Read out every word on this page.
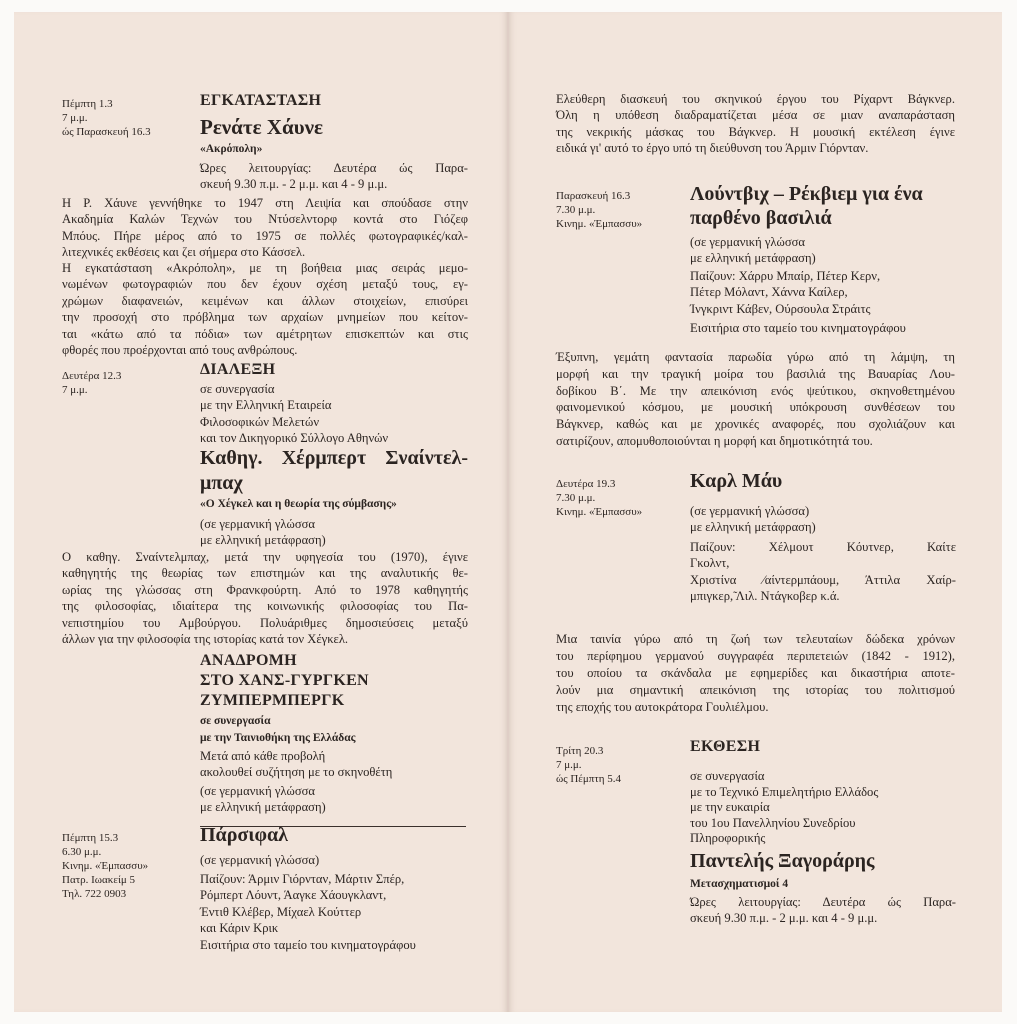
Πέμπτη 1.3
7 μ.μ.
ώς Παρασκευή 16.3
ΕΓΚΑΤΑΣΤΑΣΗ
Ρενάτε Χάυνε
«Ακρόπολη»
Ώρες λειτουργίας: Δευτέρα ώς Παρα-
σκευή 9.30 π.μ. - 2 μ.μ. και 4 - 9 μ.μ.
Η Ρ. Χάυνε γεννήθηκε το 1947 στη Λειψία και σπούδασε στην
Ακαδημία Καλών Τεχνών του Ντύσελντορφ κοντά στο Γιόζεφ
Μπόυς. Πήρε μέρος από το 1975 σε πολλές φωτογραφικές/καλ-
λιτεχνικές εκθέσεις και ζει σήμερα στο Κάσσελ.
Η εγκατάσταση «Ακρόπολη», με τη βοήθεια μιας σειράς μεμο-
νωμένων φωτογραφιών που δεν έχουν σχέση μεταξύ τους, εγ-
χρώμων διαφανειών, κειμένων και άλλων στοιχείων, επισύρει
την προσοχή στο πρόβλημα των αρχαίων μνημείων που κείτον-
ται «κάτω από τα πόδια» των αμέτρητων επισκεπτών και στις
φθορές που προέρχονται από τους ανθρώπους.
Δευτέρα 12.3
7 μ.μ.
ΔΙΑΛΕΞΗ
σε συνεργασία
με την Ελληνική Εταιρεία
Φιλοσοφικών Μελετών
και τον Δικηγορικό Σύλλογο Αθηνών
Καθηγ. Χέρμπερτ Σναίντελ-
μπαχ
«Ο Χέγκελ και η θεωρία της σύμβασης»
(σε γερμανική γλώσσα
με ελληνική μετάφραση)
Ο καθηγ. Σναίντελμπαχ, μετά την υφηγεσία του (1970), έγινε
καθηγητής της θεωρίας των επιστημών και της αναλυτικής θε-
ωρίας της γλώσσας στη Φρανκφούρτη. Από το 1978 καθηγητής
της φιλοσοφίας, ιδιαίτερα της κοινωνικής φιλοσοφίας του Πα-
νεπιστημίου του Αμβούργου. Πολυάριθμες δημοσιεύσεις μεταξύ
άλλων για την φιλοσοφία της ιστορίας κατά τον Χέγκελ.
ΑΝΑΔΡΟΜΗ
ΣΤΟ ΧΑΝΣ-ΓΥΡΓΚΕΝ
ΖΥΜΠΕΡΜΠΕΡΓΚ
σε συνεργασία
με την Ταινιοθήκη της Ελλάδας
Μετά από κάθε προβολή
ακολουθεί συζήτηση με το σκηνοθέτη
(σε γερμανική γλώσσα
με ελληνική μετάφραση)
Πέμπτη 15.3
6.30 μ.μ.
Κινημ. «Έμπασσυ»
Πατρ. Ιωακείμ 5
Τηλ. 722 0903
Πάρσιφαλ
(σε γερμανική γλώσσα)
Παίζουν: Άρμιν Γιόρνταν, Μάρτιν Σπέρ,
Ρόμπερτ Λόυντ, Άαγκε Χάουγκλαντ,
Έντιθ Κλέβερ, Μίχαελ Κούττερ
και Κάριν Κρικ
Εισιτήρια στο ταμείο του κινηματογράφου
Ελεύθερη διασκευή του σκηνικού έργου του Ρίχαρντ Βάγκνερ.
Όλη η υπόθεση διαδραματίζεται μέσα σε μιαν αναπαράσταση
της νεκρικής μάσκας του Βάγκνερ. Η μουσική εκτέλεση έγινε
ειδικά γι' αυτό το έργο υπό τη διεύθυνση του Άρμιν Γιόρνταν.
Παρασκευή 16.3
7.30 μ.μ.
Κινημ. «Έμπασσυ»
Λούντβιχ – Ρέκβιεμ για ένα
παρθένο βασιλιά
(σε γερμανική γλώσσα
με ελληνική μετάφραση)
Παίζουν: Χάρρυ Μπαίρ, Πέτερ Κερν,
Πέτερ Μόλαντ, Χάννα Καίλερ,
Ίνγκριντ Κάβεν, Ούρσουλα Στράιτς
Εισιτήρια στο ταμείο του κινηματογράφου
Έξυπνη, γεμάτη φαντασία παρωδία γύρω από τη λάμψη, τη
μορφή και την τραγική μοίρα του βασιλιά της Βαυαρίας Λου-
δοβίκου Β΄. Με την απεικόνιση ενός ψεύτικου, σκηνοθετημένου
φαινομενικού κόσμου, με μουσική υπόκρουση συνθέσεων του
Βάγκνερ, καθώς και με χρονικές αναφορές, που σχολιάζουν και
σατιρίζουν, απομυθοποιούνται η μορφή και δημοτικότητά του.
Δευτέρα 19.3
7.30 μ.μ.
Κινημ. «Έμπασσυ»
Καρλ Μάυ
(σε γερμανική γλώσσα)
με ελληνική μετάφραση)
Παίζουν: Χέλμουτ Κόυτνερ, Καίτε
Γκολντ,
Χριστίνα ⁄αίντερμπάουμ, Άττιλα Χαίρ-
μπιγκερ,̃ Λιλ. Ντάγκοβερ κ.ά.
Μια ταινία γύρω από τη ζωή των τελευταίων δώδεκα χρόνων
του περίφημου γερμανού συγγραφέα περιπετειών (1842 - 1912),
του οποίου τα σκάνδαλα με εφημερίδες και δικαστήρια αποτε-
λούν μια σημαντική απεικόνιση της ιστορίας του πολιτισμού
της εποχής του αυτοκράτορα Γουλιέλμου.
Τρίτη 20.3
7 μ.μ.
ώς Πέμπτη 5.4
ΕΚΘΕΣΗ
σε συνεργασία
με το Τεχνικό Επιμελητήριο Ελλάδος
με την ευκαιρία
του 1ου Πανελληνίου Συνεδρίου
Πληροφορικής
Παντελής Ξαγοράρης
Μετασχηματισμοί 4
Ώρες λειτουργίας: Δευτέρα ώς Παρα-
σκευή 9.30 π.μ. - 2 μ.μ. και 4 - 9 μ.μ.
